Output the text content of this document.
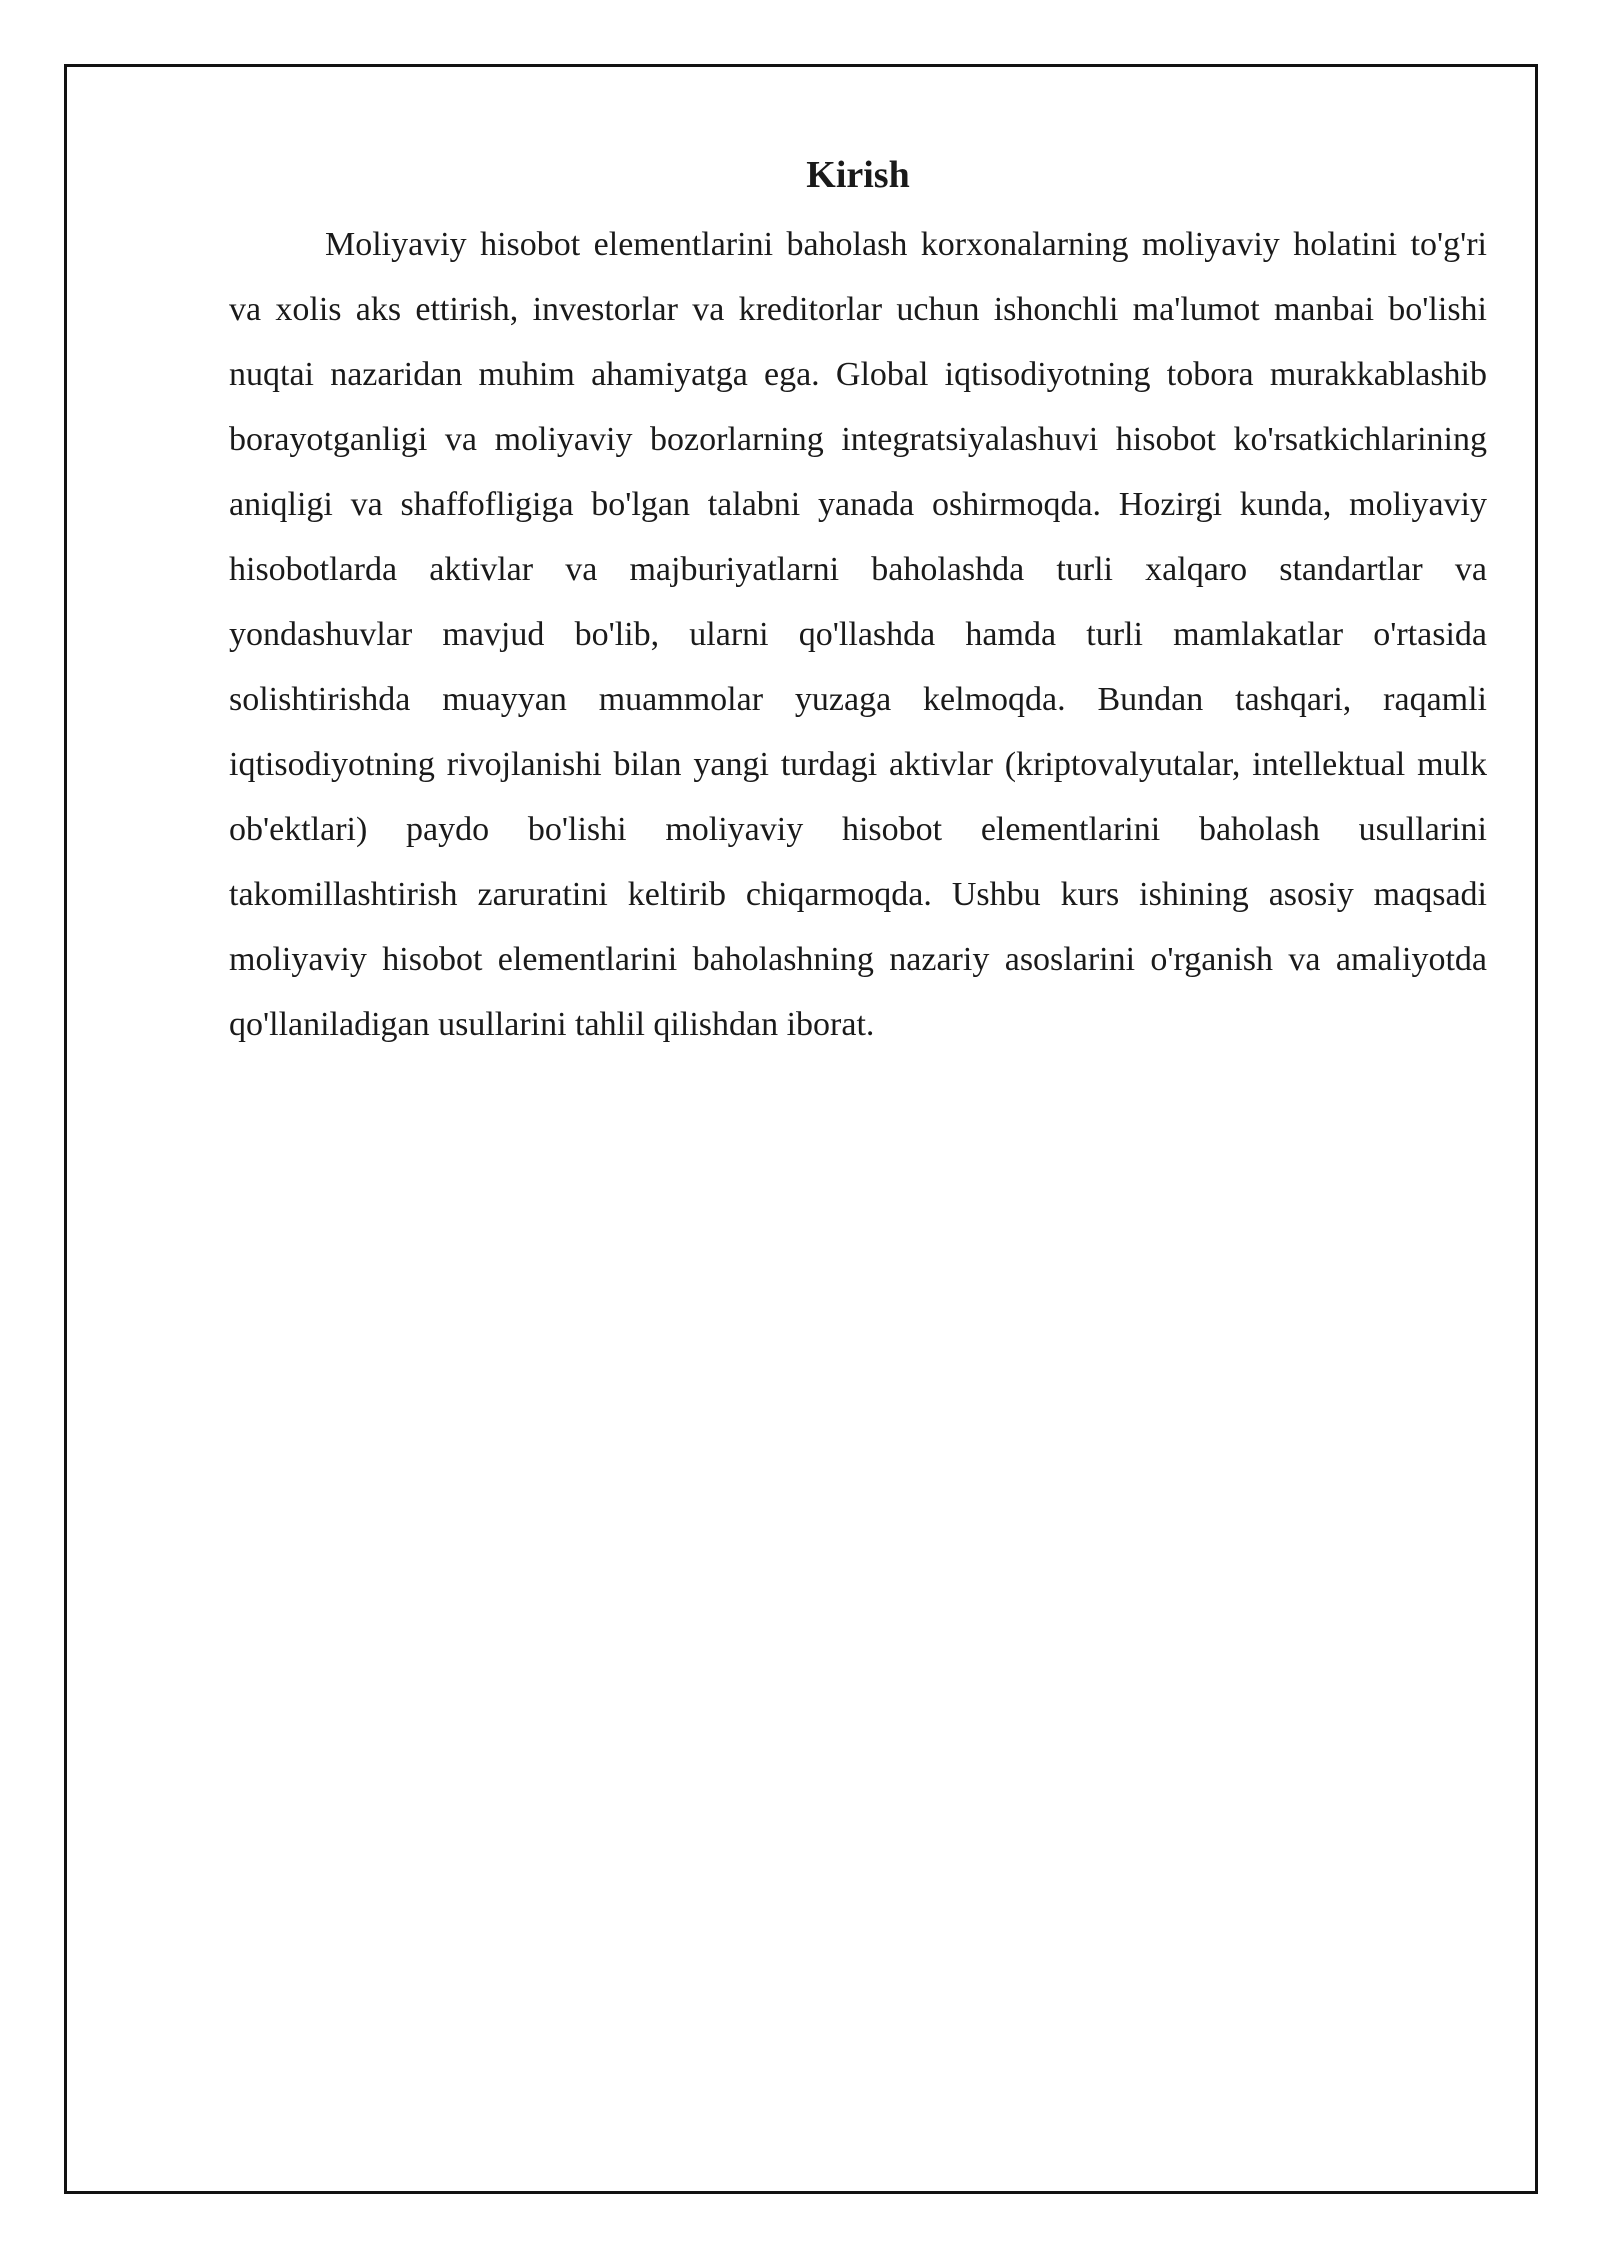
Kirish

Moliyaviy hisobot elementlarini baholash korxonalarning moliyaviy holatini to'g'ri va xolis aks ettirish, investorlar va kreditorlar uchun ishonchli ma'lumot manbai bo'lishi nuqtai nazaridan muhim ahamiyatga ega. Global iqtisodiyotning tobora murakkablashib borayotganligi va moliyaviy bozorlarning integratsiyalashuvi hisobot ko'rsatkichlarining aniqligi va shaffofligiga bo'lgan talabni yanada oshirmoqda. Hozirgi kunda, moliyaviy hisobotlarda aktivlar va majburiyatlarni baholashda turli xalqaro standartlar va yondashuvlar mavjud bo'lib, ularni qo'llashda hamda turli mamlakatlar o'rtasida solishtirishda muayyan muammolar yuzaga kelmoqda. Bundan tashqari, raqamli iqtisodiyotning rivojlanishi bilan yangi turdagi aktivlar (kriptovalyutalar, intellektual mulk ob'ektlari) paydo bo'lishi moliyaviy hisobot elementlarini baholash usullarini takomillashtirish zaruratini keltirib chiqarmoqda. Ushbu kurs ishining asosiy maqsadi moliyaviy hisobot elementlarini baholashning nazariy asoslarini o'rganish va amaliyotda qo'llaniladigan usullarini tahlil qilishdan iborat.
